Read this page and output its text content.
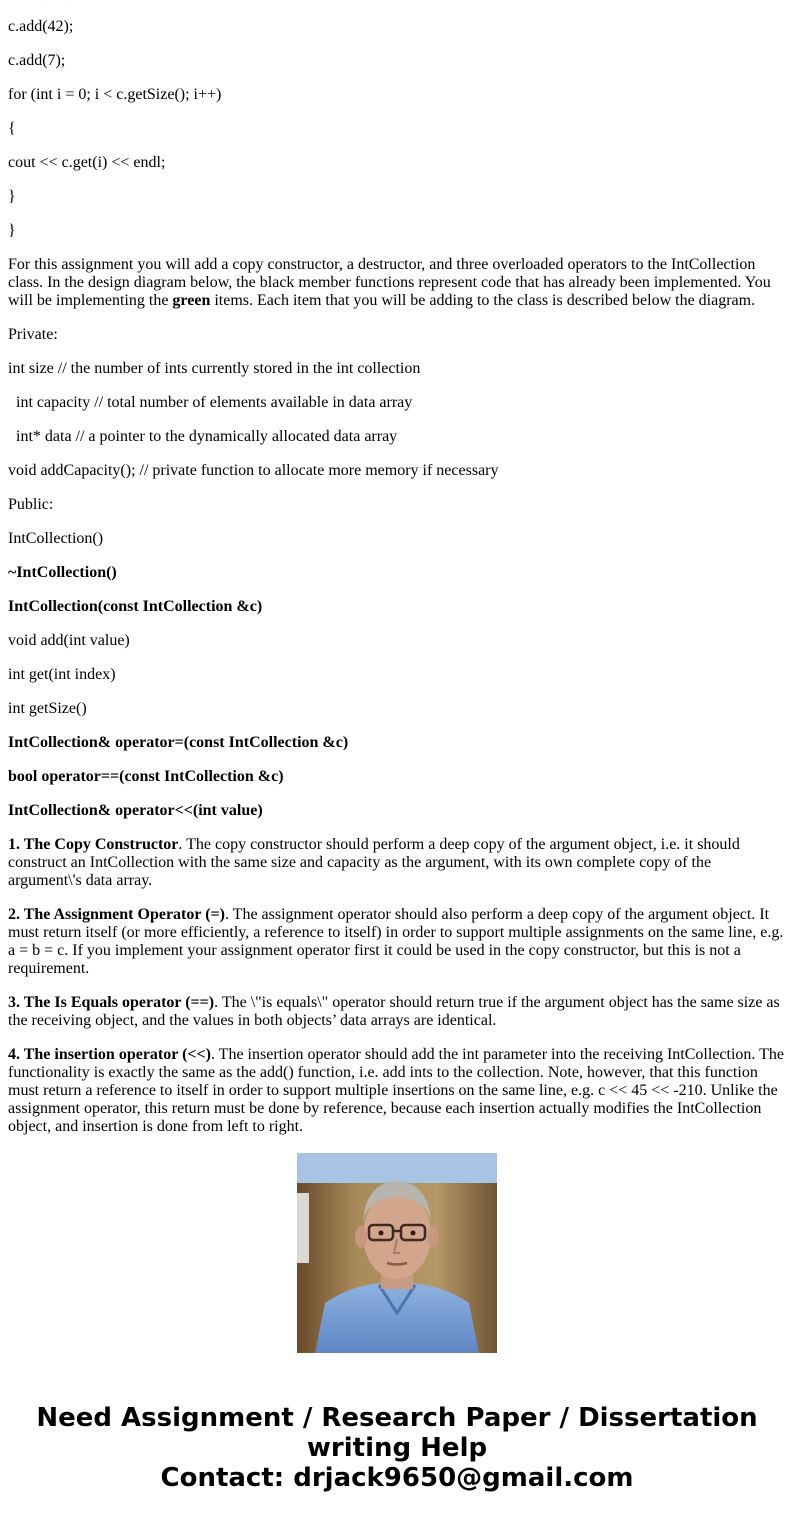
c.add(42);

c.add(7);

for (int i = 0; i < c.getSize(); i++)

{

cout << c.get(i) << endl;

}

}

For this assignment you will add a copy constructor, a destructor, and three overloaded operators to the IntCollection class. In the design diagram below, the black member functions represent code that has already been implemented. You will be implementing the green items. Each item that you will be adding to the class is described below the diagram.

Private:

int size // the number of ints currently stored in the int collection

int capacity // total number of elements available in data array

int* data // a pointer to the dynamically allocated data array

void addCapacity(); // private function to allocate more memory if necessary

Public:

IntCollection()

~IntCollection()

IntCollection(const IntCollection &c)

void add(int value)

int get(int index)

int getSize()

IntCollection& operator=(const IntCollection &c)

bool operator==(const IntCollection &c)

IntCollection& operator<<(int value)

1. The Copy Constructor. The copy constructor should perform a deep copy of the argument object, i.e. it should construct an IntCollection with the same size and capacity as the argument, with its own complete copy of the argument\'s data array.

2. The Assignment Operator (=). The assignment operator should also perform a deep copy of the argument object. It must return itself (or more efficiently, a reference to itself) in order to support multiple assignments on the same line, e.g. a = b = c. If you implement your assignment operator first it could be used in the copy constructor, but this is not a requirement.

3. The Is Equals operator (==). The \"is equals\" operator should return true if the argument object has the same size as the receiving object, and the values in both objects’ data arrays are identical.

4. The insertion operator (<<). The insertion operator should add the int parameter into the receiving IntCollection. The functionality is exactly the same as the add() function, i.e. add ints to the collection. Note, however, that this function must return a reference to itself in order to support multiple insertions on the same line, e.g. c << 45 << -210. Unlike the assignment operator, this return must be done by reference, because each insertion actually modifies the IntCollection object, and insertion is done from left to right.

Need Assignment / Research Paper / Dissertation writing Help
Contact: drjack9650@gmail.com
